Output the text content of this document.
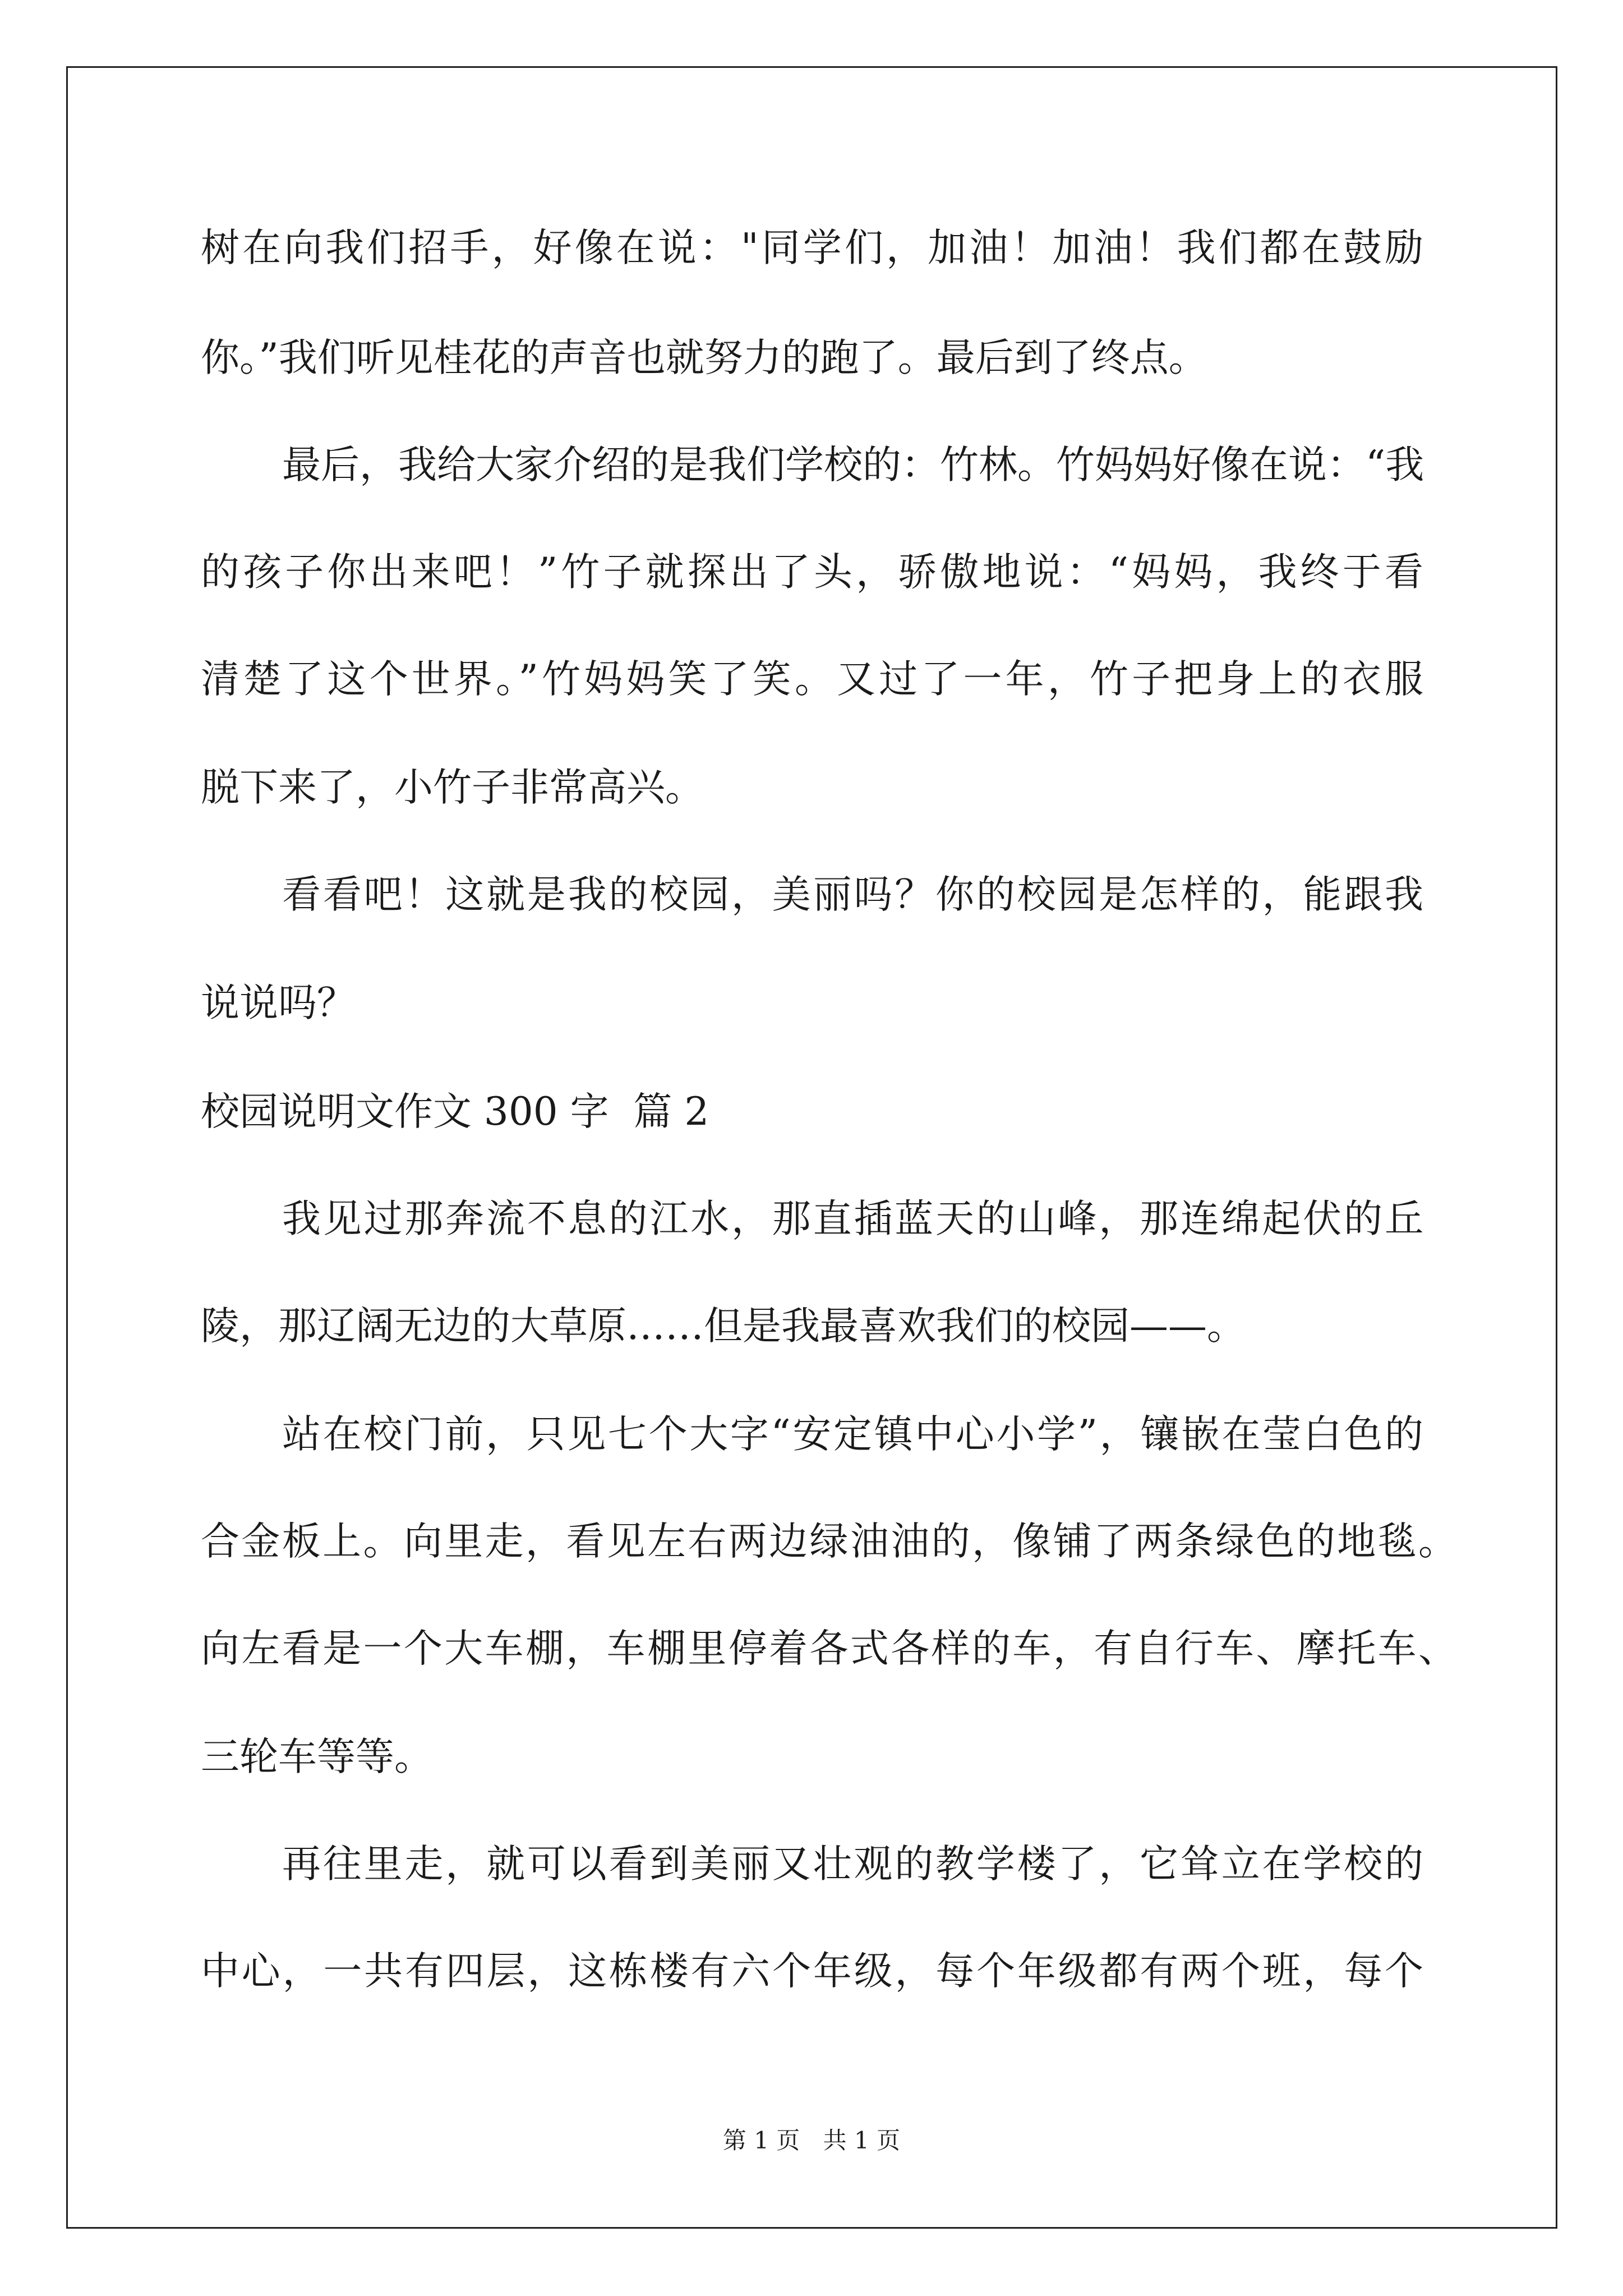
树在向我们招手，好像在说："同学们，加油！加油！我们都在鼓励

你。”我们听见桂花的声音也就努力的跑了。最后到了终点。

最后，我给大家介绍的是我们学校的：竹林。竹妈妈好像在说：“我

的孩子你出来吧！”竹子就探出了头，骄傲地说：“妈妈，我终于看

清楚了这个世界。”竹妈妈笑了笑。又过了一年，竹子把身上的衣服

脱下来了，小竹子非常高兴。

看看吧！这就是我的校园，美丽吗？你的校园是怎样的，能跟我

说说吗？

校园说明文作文 300 字  篇 2

我见过那奔流不息的江水，那直插蓝天的山峰，那连绵起伏的丘

陵，那辽阔无边的大草原……但是我最喜欢我们的校园——。

站在校门前，只见七个大字“安定镇中心小学”，镶嵌在莹白色的

合金板上。向里走，看见左右两边绿油油的，像铺了两条绿色的地毯。

向左看是一个大车棚，车棚里停着各式各样的车，有自行车、摩托车、

三轮车等等。

再往里走，就可以看到美丽又壮观的教学楼了，它耸立在学校的

中心，一共有四层，这栋楼有六个年级，每个年级都有两个班，每个

第 1 页 共 1 页
